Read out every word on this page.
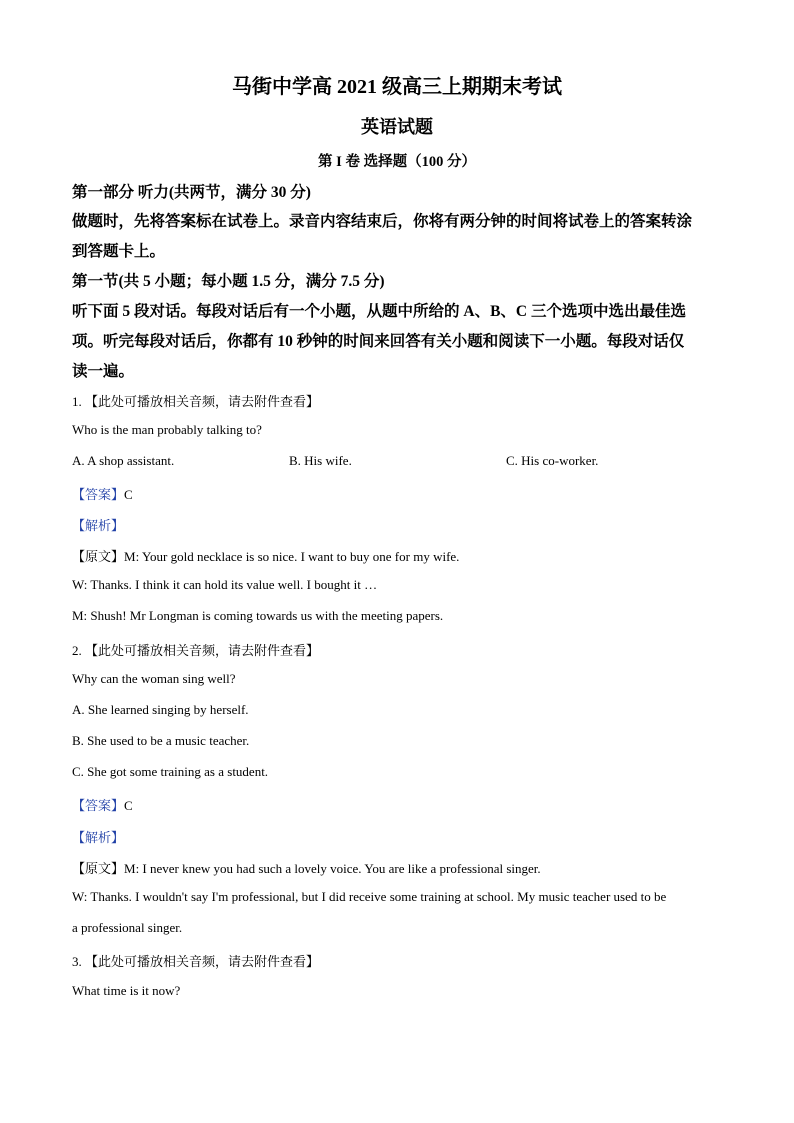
马街中学高 2021 级高三上期期末考试
英语试题
第 I 卷 选择题（100 分）
第一部分 听力(共两节，满分 30 分)
做题时，先将答案标在试卷上。录音内容结束后，你将有两分钟的时间将试卷上的答案转涂
到答题卡上。
第一节(共 5 小题；每小题 1.5 分，满分 7.5 分)
听下面 5 段对话。每段对话后有一个小题，从题中所给的 A、B、C 三个选项中选出最佳选
项。听完每段对话后，你都有 10 秒钟的时间来回答有关小题和阅读下一小题。每段对话仅
读一遍。
1. 【此处可播放相关音频，请去附件查看】
Who is the man probably talking to?
A. A shop assistant.	B. His wife.	C. His co-worker.
【答案】C
【解析】
【原文】M: Your gold necklace is so nice. I want to buy one for my wife.
W: Thanks. I think it can hold its value well. I bought it …
M: Shush! Mr Longman is coming towards us with the meeting papers.
2. 【此处可播放相关音频，请去附件查看】
Why can the woman sing well?
A. She learned singing by herself.
B. She used to be a music teacher.
C. She got some training as a student.
【答案】C
【解析】
【原文】M: I never knew you had such a lovely voice. You are like a professional singer.
W: Thanks. I wouldn't say I'm professional, but I did receive some training at school. My music teacher used to be
a professional singer.
3. 【此处可播放相关音频，请去附件查看】
What time is it now?
